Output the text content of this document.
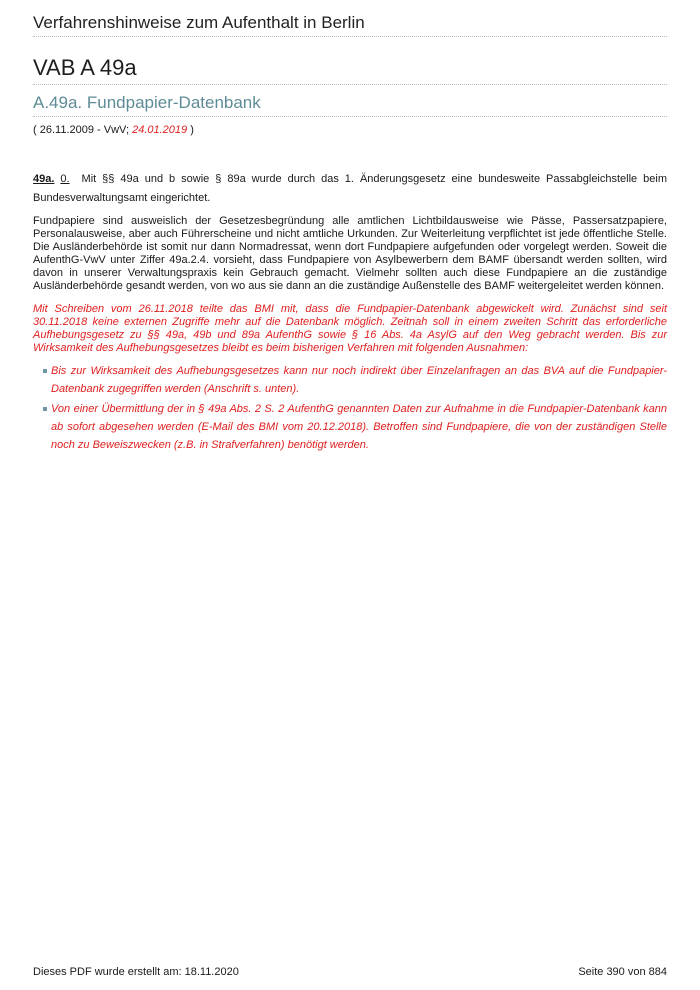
Verfahrenshinweise zum Aufenthalt in Berlin
VAB A 49a
A.49a. Fundpapier-Datenbank
( 26.11.2009 - VwV; 24.01.2019 )

49a. 0. Mit §§ 49a und b sowie § 89a wurde durch das 1. Änderungsgesetz eine bundesweite Passabgleichstelle beim Bundesverwaltungsamt eingerichtet.

Fundpapiere sind ausweislich der Gesetzesbegründung alle amtlichen Lichtbildausweise wie Pässe, Passersatzpapiere, Personalausweise, aber auch Führerscheine und nicht amtliche Urkunden. Zur Weiterleitung verpflichtet ist jede öffentliche Stelle. Die Ausländerbehörde ist somit nur dann Normadressat, wenn dort Fundpapiere aufgefunden oder vorgelegt werden. Soweit die AufenthG-VwV unter Ziffer 49a.2.4. vorsieht, dass Fundpapiere von Asylbewerbern dem BAMF übersandt werden sollten, wird davon in unserer Verwaltungspraxis kein Gebrauch gemacht. Vielmehr sollten auch diese Fundpapiere an die zuständige Ausländerbehörde gesandt werden, von wo aus sie dann an die zuständige Außenstelle des BAMF weitergeleitet werden können.

Mit Schreiben vom 26.11.2018 teilte das BMI mit, dass die Fundpapier-Datenbank abgewickelt wird. Zunächst sind seit 30.11.2018 keine externen Zugriffe mehr auf die Datenbank möglich. Zeitnah soll in einem zweiten Schritt das erforderliche Aufhebungsgesetz zu §§ 49a, 49b und 89a AufenthG sowie § 16 Abs. 4a AsylG auf den Weg gebracht werden. Bis zur Wirksamkeit des Aufhebungsgesetzes bleibt es beim bisherigen Verfahren mit folgenden Ausnahmen:

Bis zur Wirksamkeit des Aufhebungsgesetzes kann nur noch indirekt über Einzelanfragen an das BVA auf die Fundpapier-Datenbank zugegriffen werden (Anschrift s. unten).
Von einer Übermittlung der in § 49a Abs. 2 S. 2 AufenthG genannten Daten zur Aufnahme in die Fundpapier-Datenbank kann ab sofort abgesehen werden (E-Mail des BMI vom 20.12.2018). Betroffen sind Fundpapiere, die von der zuständigen Stelle noch zu Beweiszwecken (z.B. in Strafverfahren) benötigt werden.
Dieses PDF wurde erstellt am: 18.11.2020	Seite 390 von 884
